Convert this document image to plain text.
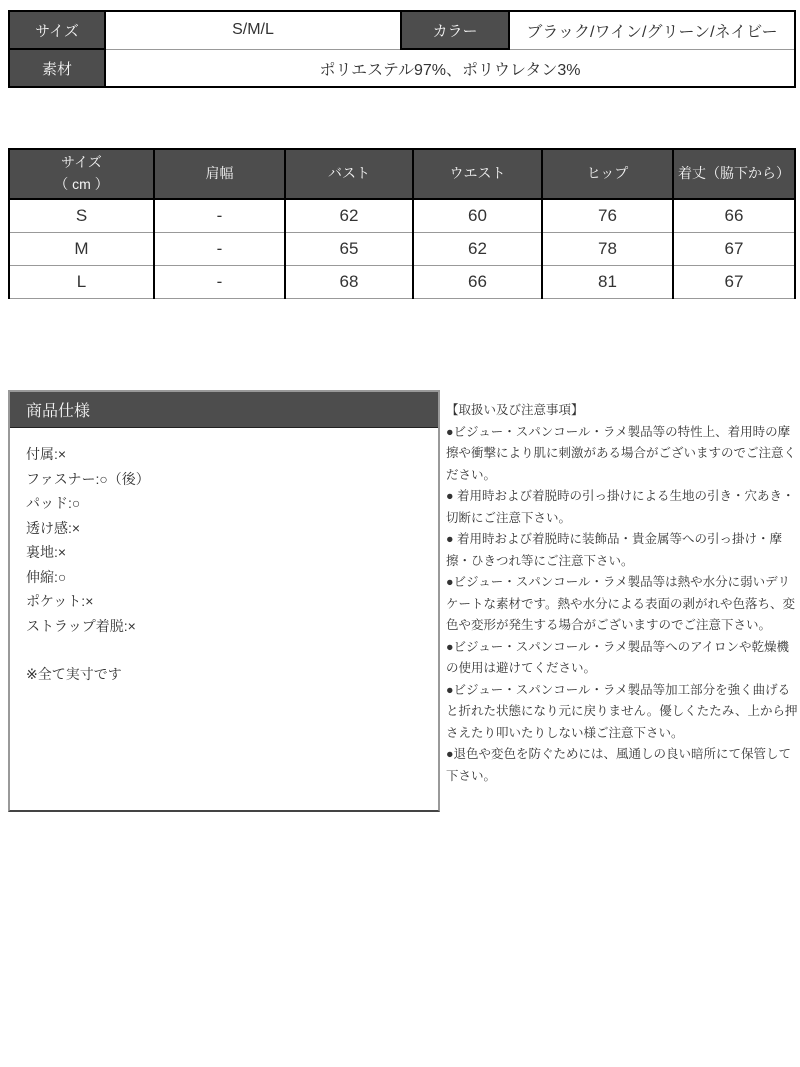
サイズ	S/M/L	カラー	ブラック/ワイン/グリーン/ネイビー
素材	ポリエステル97%、ポリウレタン3%		
サイズ
（ cm ）	肩幅	バスト	ウエスト	ヒップ	着丈（脇下から）
S	-	62	60	76	66
M	-	65	62	78	67
L	-	68	66	81	67
商品仕様
付属:×
ファスナー:○（後）
パッド:○
透け感:×
裏地:×
伸縮:○
ポケット:×
ストラップ着脱:×
※全て実寸です

【取扱い及び注意事項】

●ビジュー・スパンコール・ラメ製品等の特性上、着用時の摩擦や衝撃により肌に刺激がある場合がございますのでご注意ください。

● 着用時および着脱時の引っ掛けによる生地の引き・穴あき・切断にご注意下さい。

● 着用時および着脱時に装飾品・貴金属等への引っ掛け・摩擦・ひきつれ等にご注意下さい。

●ビジュー・スパンコール・ラメ製品等は熱や水分に弱いデリケートな素材です。熱や水分による表面の剥がれや色落ち、変色や変形が発生する場合がございますのでご注意下さい。

●ビジュー・スパンコール・ラメ製品等へのアイロンや乾燥機の使用は避けてください。

●ビジュー・スパンコール・ラメ製品等加工部分を強く曲げると折れた状態になり元に戻りません。優しくたたみ、上から押さえたり叩いたりしない様ご注意下さい。

●退色や変色を防ぐためには、風通しの良い暗所にて保管して下さい。
